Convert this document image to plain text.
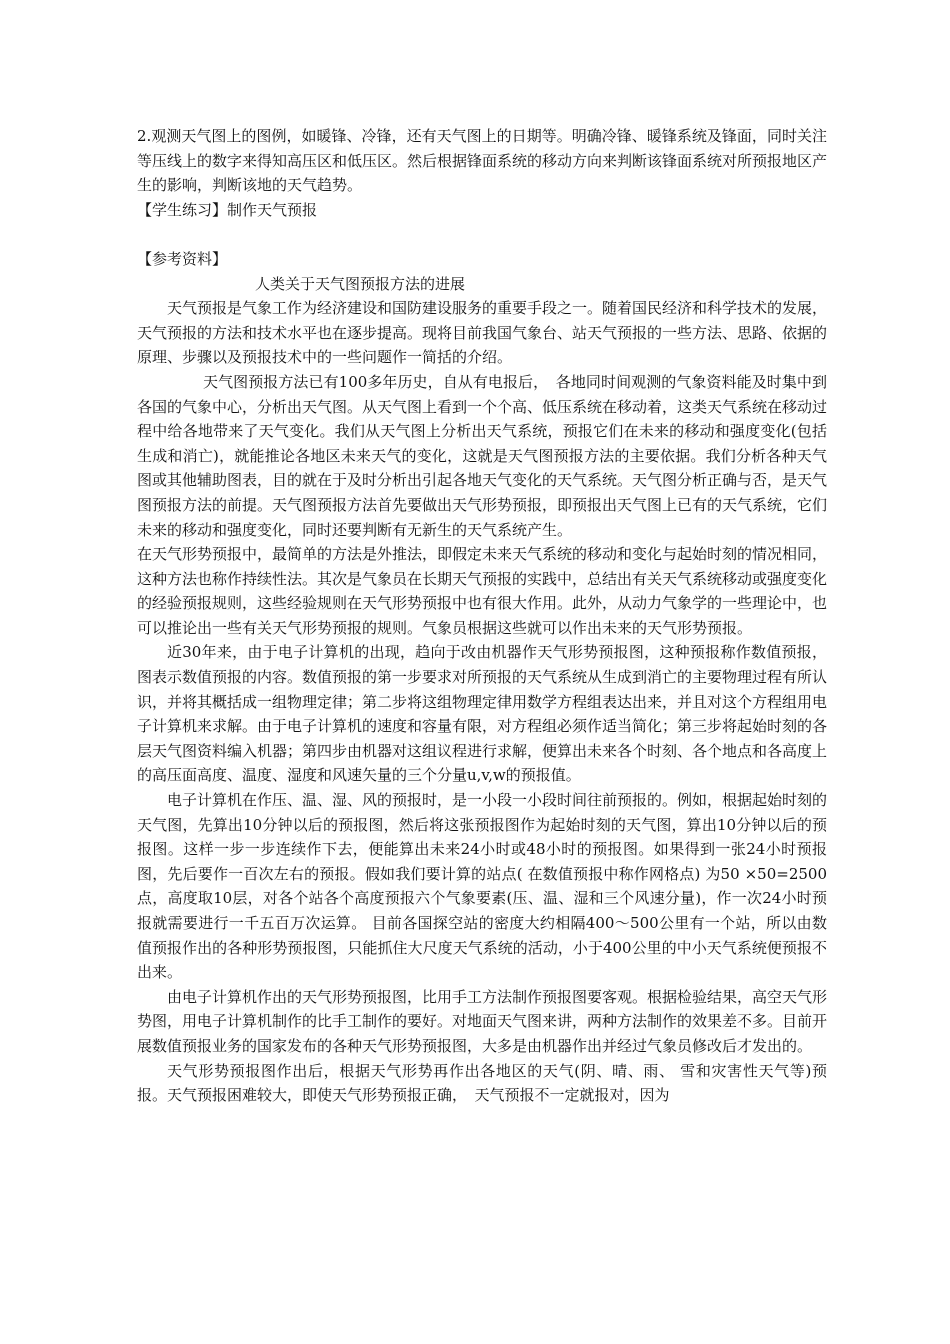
2.观测天气图上的图例，如暖锋、冷锋，还有天气图上的日期等。明确冷锋、暖锋系统及锋面，同时关注等压线上的数字来得知高压区和低压区。然后根据锋面系统的移动方向来判断该锋面系统对所预报地区产生的影响，判断该地的天气趋势。

【学生练习】制作天气预报

【参考资料】

人类关于天气图预报方法的进展

天气预报是气象工作为经济建设和国防建设服务的重要手段之一。随着国民经济和科学技术的发展，天气预报的方法和技术水平也在逐步提高。现将目前我国气象台、站天气预报的一些方法、思路、依据的原理、步骤以及预报技术中的一些问题作一简括的介绍。

天气图预报方法已有100多年历史，自从有电报后，　各地同时间观测的气象资料能及时集中到各国的气象中心，分析出天气图。从天气图上看到一个个高、低压系统在移动着，这类天气系统在移动过程中给各地带来了天气变化。我们从天气图上分析出天气系统，预报它们在未来的移动和强度变化(包括生成和消亡)，就能推论各地区未来天气的变化，这就是天气图预报方法的主要依据。我们分析各种天气图或其他辅助图表，目的就在于及时分析出引起各地天气变化的天气系统。天气图分析正确与否，是天气图预报方法的前提。天气图预报方法首先要做出天气形势预报，即预报出天气图上已有的天气系统，它们未来的移动和强度变化，同时还要判断有无新生的天气系统产生。

在天气形势预报中，最简单的方法是外推法，即假定未来天气系统的移动和变化与起始时刻的情况相同，这种方法也称作持续性法。其次是气象员在长期天气预报的实践中，总结出有关天气系统移动或强度变化的经验预报规则，这些经验规则在天气形势预报中也有很大作用。此外，从动力气象学的一些理论中，也可以推论出一些有关天气形势预报的规则。气象员根据这些就可以作出未来的天气形势预报。

近30年来，由于电子计算机的出现，趋向于改由机器作天气形势预报图，这种预报称作数值预报，图表示数值预报的内容。数值预报的第一步要求对所预报的天气系统从生成到消亡的主要物理过程有所认识，并将其概括成一组物理定律；第二步将这组物理定律用数学方程组表达出来，并且对这个方程组用电子计算机来求解。由于电子计算机的速度和容量有限，对方程组必须作适当简化；第三步将起始时刻的各层天气图资料编入机器；第四步由机器对这组议程进行求解，便算出未来各个时刻、各个地点和各高度上的高压面高度、温度、湿度和风速矢量的三个分量u,v,w的预报值。

电子计算机在作压、温、湿、风的预报时，是一小段一小段时间往前预报的。例如，根据起始时刻的天气图，先算出10分钟以后的预报图，然后将这张预报图作为起始时刻的天气图，算出10分钟以后的预报图。这样一步一步连续作下去，便能算出未来24小时或48小时的预报图。如果得到一张24小时预报图，先后要作一百次左右的预报。假如我们要计算的站点( 在数值预报中称作网格点) 为50 ×50=2500点，高度取10层，对各个站各个高度预报六个气象要素(压、温、湿和三个风速分量)，作一次24小时预报就需要进行一千五百万次运算。 目前各国探空站的密度大约相隔400～500公里有一个站，所以由数值预报作出的各种形势预报图，只能抓住大尺度天气系统的活动，小于400公里的中小天气系统便预报不出来。

由电子计算机作出的天气形势预报图，比用手工方法制作预报图要客观。根据检验结果，高空天气形势图，用电子计算机制作的比手工制作的要好。对地面天气图来讲，两种方法制作的效果差不多。目前开展数值预报业务的国家发布的各种天气形势预报图，大多是由机器作出并经过气象员修改后才发出的。

天气形势预报图作出后，根据天气形势再作出各地区的天气(阴、晴、雨、 雪和灾害性天气等)预报。天气预报困难较大，即使天气形势预报正确，　天气预报不一定就报对，因为
